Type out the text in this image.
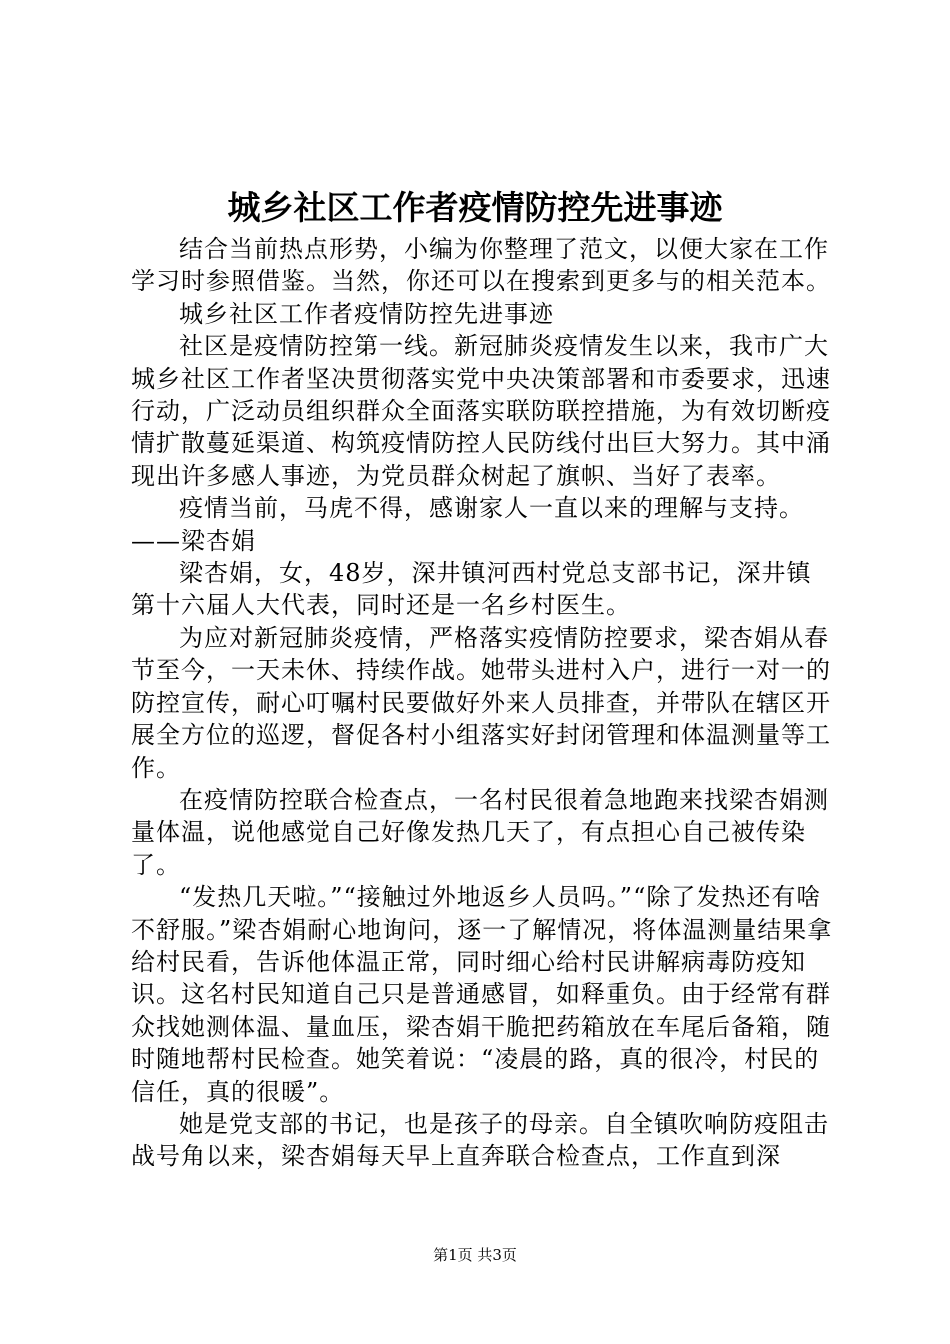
城乡社区工作者疫情防控先进事迹

结合当前热点形势，小编为你整理了范文，以便大家在工作学习时参照借鉴。当然，你还可以在搜索到更多与的相关范本。

城乡社区工作者疫情防控先进事迹

社区是疫情防控第一线。新冠肺炎疫情发生以来，我市广大城乡社区工作者坚决贯彻落实党中央决策部署和市委要求，迅速行动，广泛动员组织群众全面落实联防联控措施，为有效切断疫情扩散蔓延渠道、构筑疫情防控人民防线付出巨大努力。其中涌现出许多感人事迹，为党员群众树起了旗帜、当好了表率。

疫情当前，马虎不得，感谢家人一直以来的理解与支持。

——梁杏娟

梁杏娟，女，48岁，深井镇河西村党总支部书记，深井镇第十六届人大代表，同时还是一名乡村医生。

为应对新冠肺炎疫情，严格落实疫情防控要求，梁杏娟从春节至今，一天未休、持续作战。她带头进村入户，进行一对一的防控宣传，耐心叮嘱村民要做好外来人员排查，并带队在辖区开展全方位的巡逻，督促各村小组落实好封闭管理和体温测量等工作。

在疫情防控联合检查点，一名村民很着急地跑来找梁杏娟测量体温，说他感觉自己好像发热几天了，有点担心自己被传染了。

“发热几天啦。”“接触过外地返乡人员吗。”“除了发热还有啥不舒服。”梁杏娟耐心地询问，逐一了解情况，将体温测量结果拿给村民看，告诉他体温正常，同时细心给村民讲解病毒防疫知识。这名村民知道自己只是普通感冒，如释重负。由于经常有群众找她测体温、量血压，梁杏娟干脆把药箱放在车尾后备箱，随时随地帮村民检查。她笑着说：“凌晨的路，真的很冷，村民的信任，真的很暖”。

她是党支部的书记，也是孩子的母亲。自全镇吹响防疫阻击战号角以来，梁杏娟每天早上直奔联合检查点，工作直到深

第1页 共3页
